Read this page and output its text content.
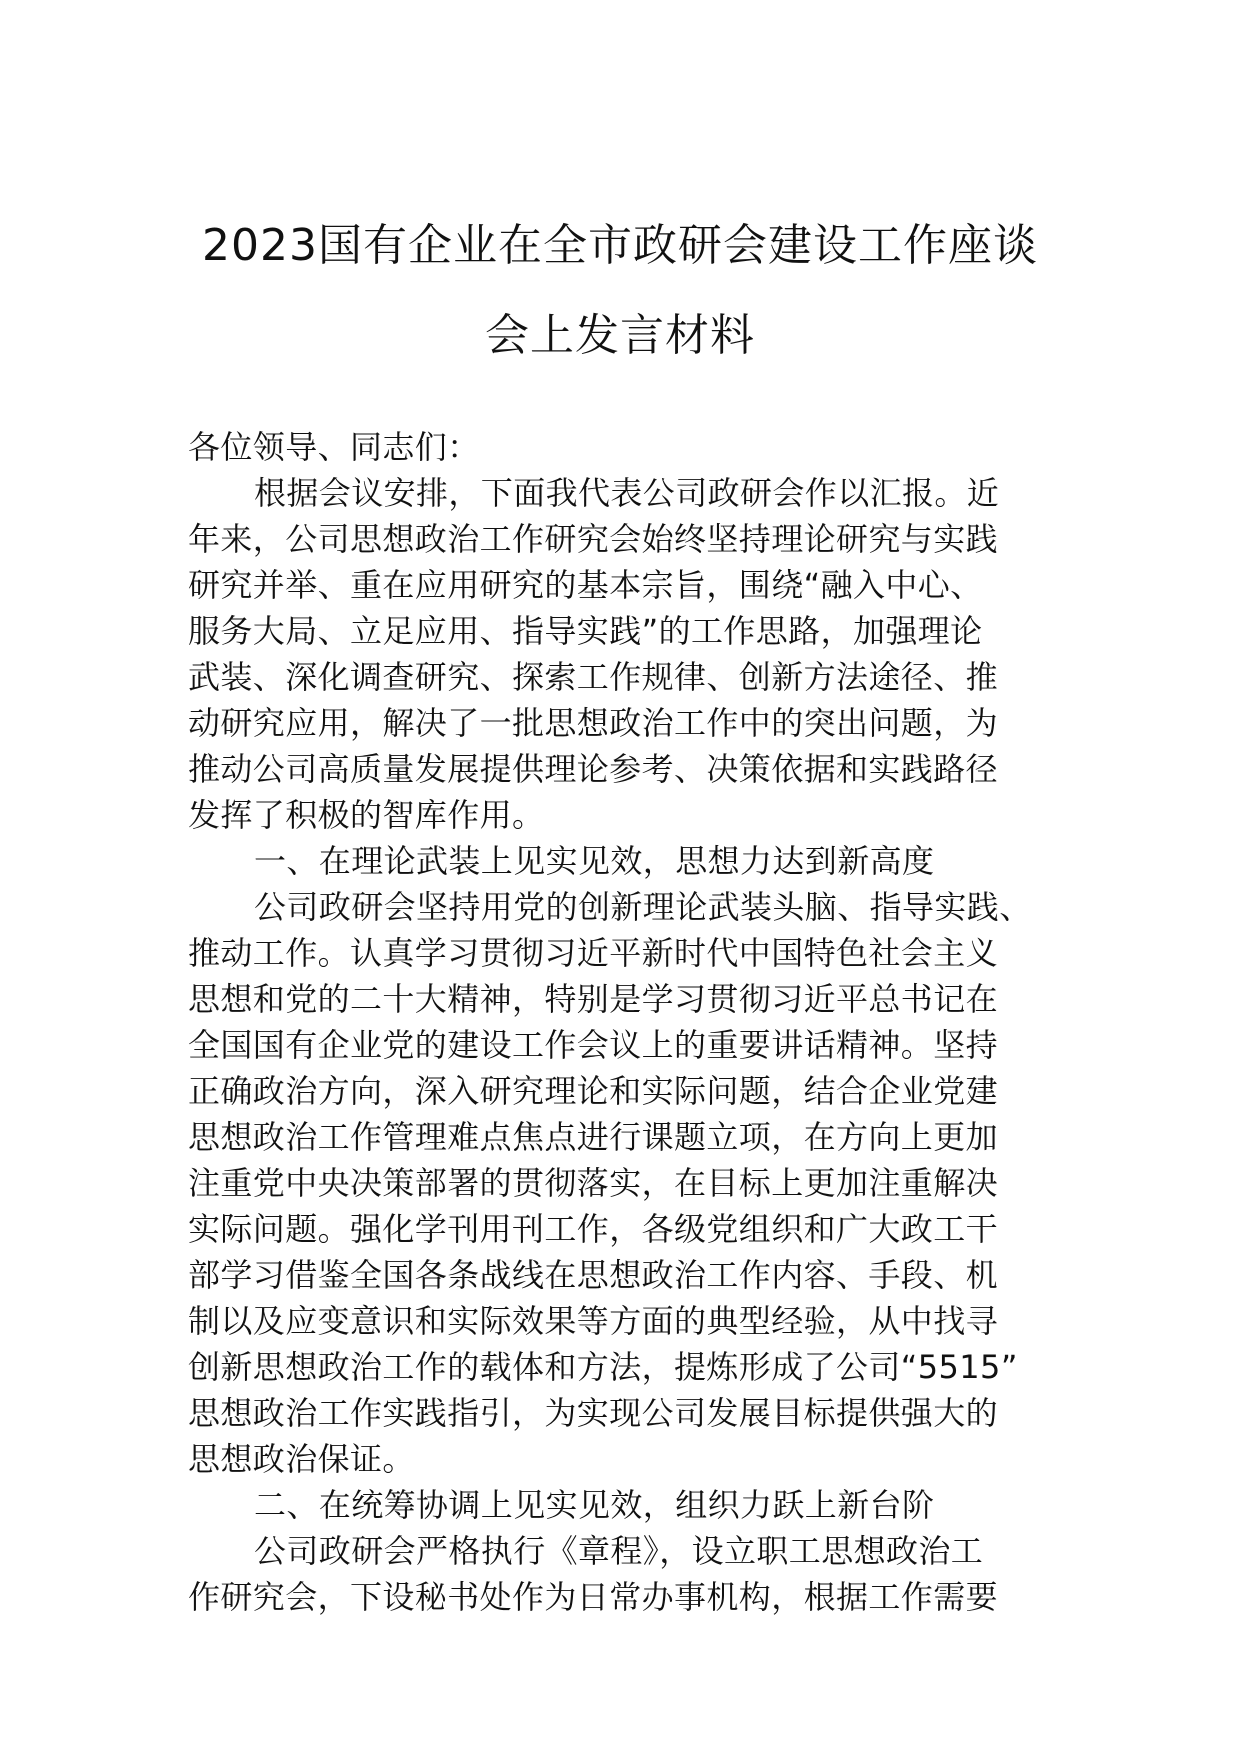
2023国有企业在全市政研会建设工作座谈
会上发言材料
各位领导、同志们：
根据会议安排，下面我代表公司政研会作以汇报。近
年来，公司思想政治工作研究会始终坚持理论研究与实践
研究并举、重在应用研究的基本宗旨，围绕“融入中心、
服务大局、立足应用、指导实践”的工作思路，加强理论
武装、深化调查研究、探索工作规律、创新方法途径、推
动研究应用，解决了一批思想政治工作中的突出问题，为
推动公司高质量发展提供理论参考、决策依据和实践路径
发挥了积极的智库作用。
一、在理论武装上见实见效，思想力达到新高度
公司政研会坚持用党的创新理论武装头脑、指导实践、
推动工作。认真学习贯彻习近平新时代中国特色社会主义
思想和党的二十大精神，特别是学习贯彻习近平总书记在
全国国有企业党的建设工作会议上的重要讲话精神。坚持
正确政治方向，深入研究理论和实际问题，结合企业党建
思想政治工作管理难点焦点进行课题立项，在方向上更加
注重党中央决策部署的贯彻落实，在目标上更加注重解决
实际问题。强化学刊用刊工作，各级党组织和广大政工干
部学习借鉴全国各条战线在思想政治工作内容、手段、机
制以及应变意识和实际效果等方面的典型经验，从中找寻
创新思想政治工作的载体和方法，提炼形成了公司“5515”
思想政治工作实践指引，为实现公司发展目标提供强大的
思想政治保证。
二、在统筹协调上见实见效，组织力跃上新台阶
公司政研会严格执行《章程》，设立职工思想政治工
作研究会，下设秘书处作为日常办事机构，根据工作需要
